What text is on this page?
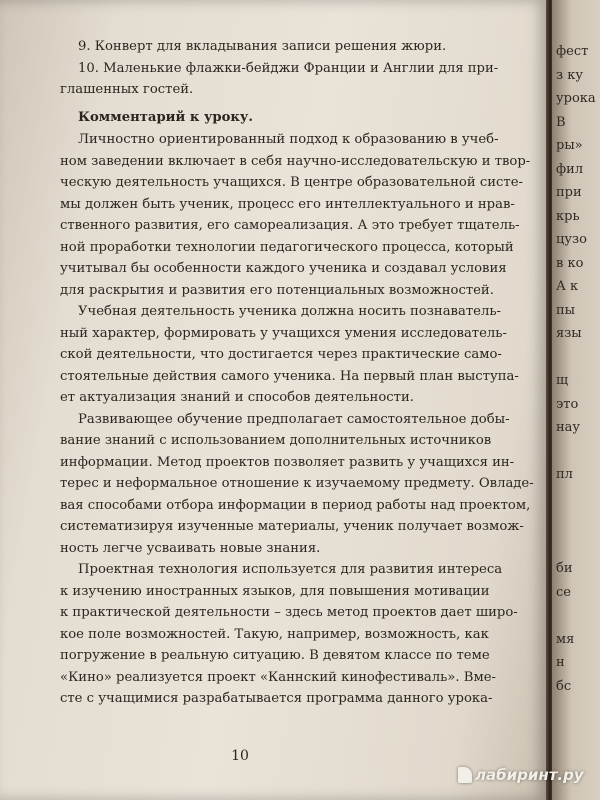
9. Конверт для вкладывания записи решения жюри.
10. Маленькие флажки-бейджи Франции и Англии для при-
глашенных гостей.
Комментарий к уроку.
Личностно ориентированный подход к образованию в учеб-
ном заведении включает в себя научно-исследовательскую и твор-
ческую деятельность учащихся. В центре образовательной систе-
мы должен быть ученик, процесс его интеллектуального и нрав-
ственного развития, его самореализация. А это требует тщатель-
ной проработки технологии педагогического процесса, который
учитывал бы особенности каждого ученика и создавал условия
для раскрытия и развития его потенциальных возможностей.
Учебная деятельность ученика должна носить познаватель-
ный характер, формировать у учащихся умения исследователь-
ской деятельности, что достигается через практические само-
стоятельные действия самого ученика. На первый план выступа-
ет актуализация знаний и способов деятельности.
Развивающее обучение предполагает самостоятельное добы-
вание знаний с использованием дополнительных источников
информации. Метод проектов позволяет развить у учащихся ин-
терес и неформальное отношение к изучаемому предмету. Овладе-
вая способами отбора информации в период работы над проектом,
систематизируя изученные материалы, ученик получает возмож-
ность легче усваивать новые знания.
Проектная технология используется для развития интереса
к изучению иностранных языков, для повышения мотивации
к практической деятельности – здесь метод проектов дает широ-
кое поле возможностей. Такую, например, возможность, как
погружение в реальную ситуацию. В девятом классе по теме
«Кино» реализуется проект «Каннский кинофестиваль». Вме-
сте с учащимися разрабатывается программа данного урока-
10
фест
з ку
урока
В
ры»
фил
при
крь
цузо
в ко
А к
пы
язы

щ
это
нау

пл

би
се

мя
н
бс
лабиринт.ру
